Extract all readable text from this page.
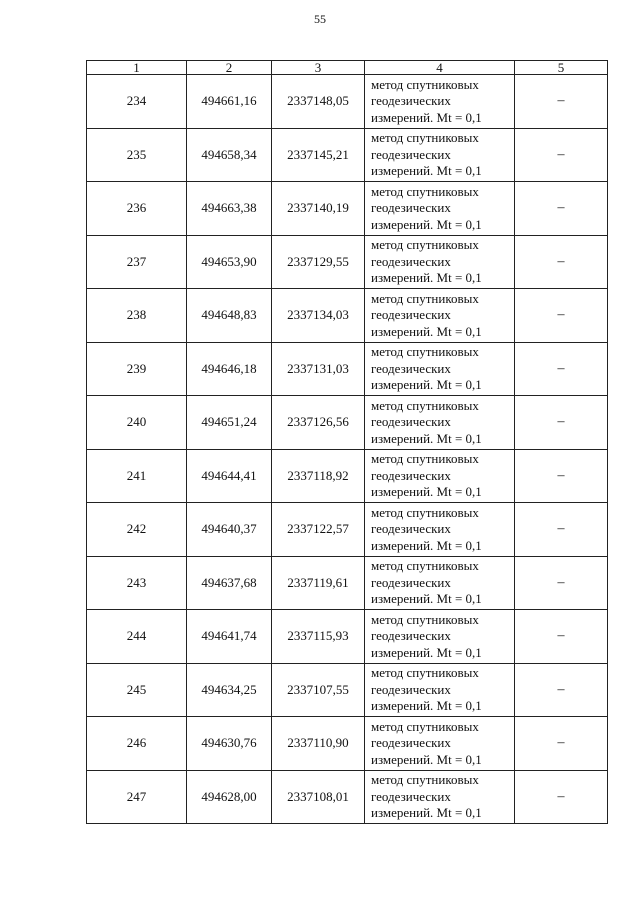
55
1	2	3	4	5
234	494661,16	2337148,05	метод спутниковых
геодезических
измерений. Mt = 0,1	–
235	494658,34	2337145,21	метод спутниковых
геодезических
измерений. Mt = 0,1	–
236	494663,38	2337140,19	метод спутниковых
геодезических
измерений. Mt = 0,1	–
237	494653,90	2337129,55	метод спутниковых
геодезических
измерений. Mt = 0,1	–
238	494648,83	2337134,03	метод спутниковых
геодезических
измерений. Mt = 0,1	–
239	494646,18	2337131,03	метод спутниковых
геодезических
измерений. Mt = 0,1	–
240	494651,24	2337126,56	метод спутниковых
геодезических
измерений. Mt = 0,1	–
241	494644,41	2337118,92	метод спутниковых
геодезических
измерений. Mt = 0,1	–
242	494640,37	2337122,57	метод спутниковых
геодезических
измерений. Mt = 0,1	–
243	494637,68	2337119,61	метод спутниковых
геодезических
измерений. Mt = 0,1	–
244	494641,74	2337115,93	метод спутниковых
геодезических
измерений. Mt = 0,1	–
245	494634,25	2337107,55	метод спутниковых
геодезических
измерений. Mt = 0,1	–
246	494630,76	2337110,90	метод спутниковых
геодезических
измерений. Mt = 0,1	–
247	494628,00	2337108,01	метод спутниковых
геодезических
измерений. Mt = 0,1	–
